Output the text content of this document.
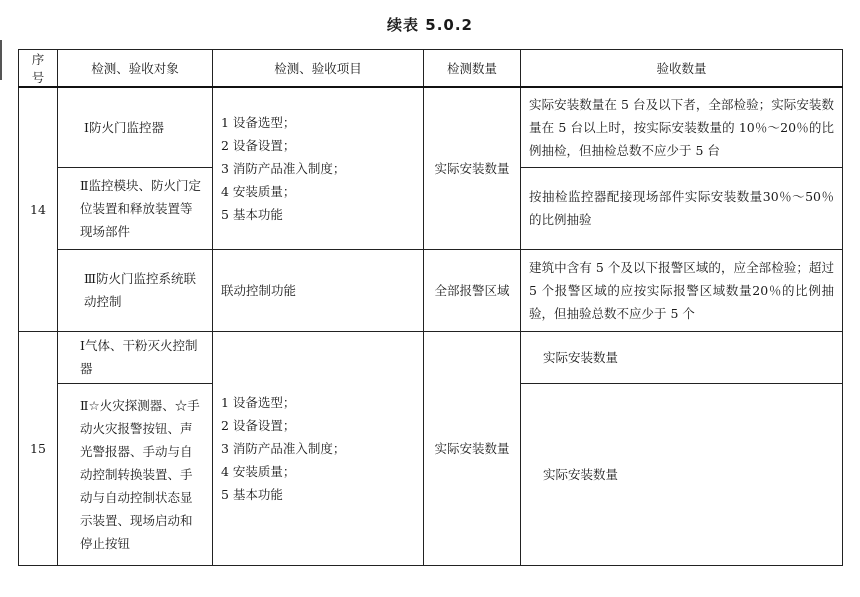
续表 5.0.2
序号	检测、验收对象	检测、验收项目	检测数量	验收数量
14	Ⅰ防火门监控器	1 设备选型；
2 设备设置；
3 消防产品准入制度；
4 安装质量；
5 基本功能	实际安装数量	实际安装数量在 5 台及以下者，全部检验；实际安装数量在 5 台以上时，按实际安装数量的 10％～20％的比例抽检，但抽检总数不应少于 5 台
	Ⅱ监控模块、防火门定位装置和释放装置等现场部件			按抽检监控器配接现场部件实际安装数量30％～50％的比例抽验
	Ⅲ防火门监控系统联动控制	联动控制功能	全部报警区域	建筑中含有 5 个及以下报警区域的，应全部检验；超过 5 个报警区域的应按实际报警区域数量20％的比例抽验，但抽验总数不应少于 5 个
15	Ⅰ气体、干粉灭火控制器	1 设备选型；
2 设备设置；
3 消防产品准入制度；
4 安装质量；
5 基本功能	实际安装数量	实际安装数量
	Ⅱ☆火灾探测器、☆手动火灾报警按钮、声光警报器、手动与自动控制转换装置、手动与自动控制状态显示装置、现场启动和停止按钮			实际安装数量
